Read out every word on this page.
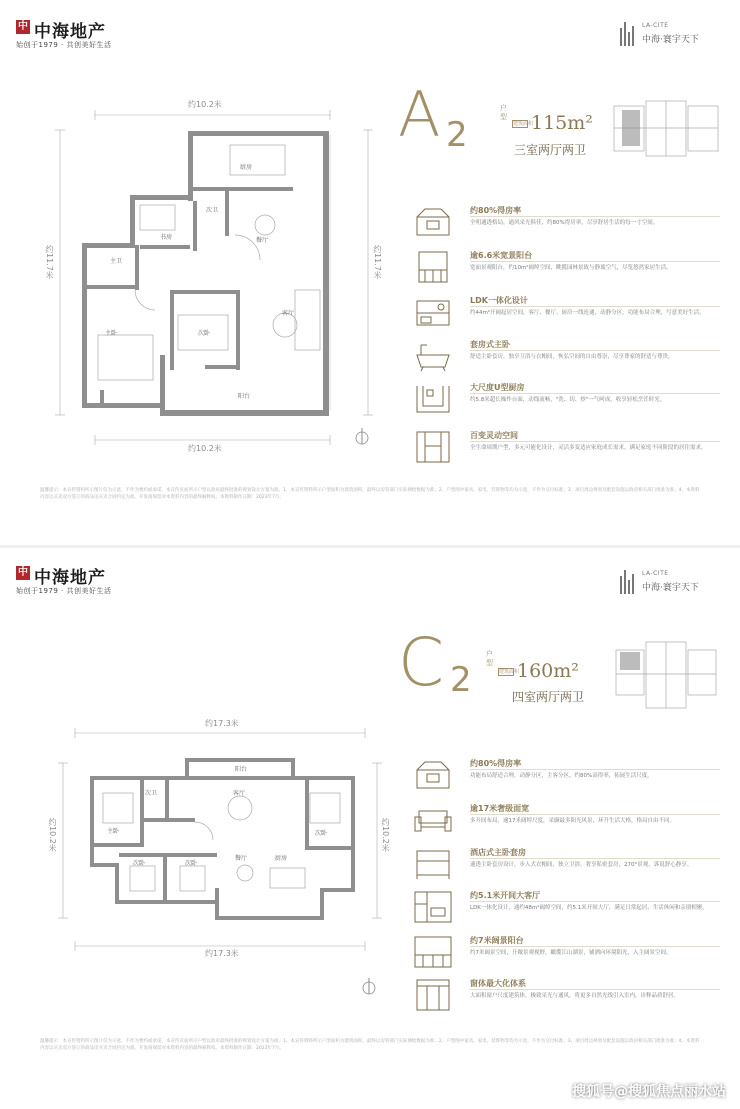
中 中海地产
始创于1979 · 共创美好生活
LA-CITE
中海·寰宇天下
约10.2米
约10.2米
约11.7米	约11.7米
厨房
次卫
书房
主卫
餐厅
主卧	次卧
客厅
阳台
A 2
户型
建筑面积115m²
三室两厅两卫
约80%得房率
全明通透格局，通风采光俱佳，约80%得房率，尽享舒居生活的每一寸空间。
逾6.6米宽景阳台
宽面景观阳台，约10m²阔绰空间，眺揽园林景致与静谧空气，尽览悠然家居生活。
LDK一体化设计
约44m²开阔起居空间，客厅、餐厅、厨房一线连通，动静分区，功能布局合理，写意美好生活。
套房式主卧
舒适主卧套房，独享卫浴与衣帽间，恢弘空间的自由尊崇，尽享尊家的舒适与尊贵。
大尺度U型厨房
约5.8米超长操作台面，动线流畅，"洗、切、炒"一气呵成，收享轻松烹饪时光。
百变灵动空间
全生命周期户型，多元可能化设计，灵活多变适应家庭成长需求，满足家庭不同阶段的居住需求。
温馨提示：本宣传资料所示图片仅为示意，不作为要约或承诺，本宣传页面所示户型以政府最终批准的规划设计方案为准。1、本宣传资料所示户型面积为建筑面积，最终以房管部门实际测绘数据为准；2、户型图中家具、家电、装饰物等均为示意，不作为交付标准；3、项目周边规划及配套设施以政府相关部门批准为准；4、本资料内容以买卖双方签订的商品房买卖合同约定为准。开发商保留对本资料内容的最终解释权。本资料制作日期：2023年7月。
中 中海地产
始创于1979 · 共创美好生活
LA-CITE
中海·寰宇天下
约17.3米
约17.3米
约10.2米	约10.2米
主卧
次卫	客厅
次卧
厨房
次卧	次卧
餐厅
阳台
C 2
户型
建筑面积160m²
四室两厅两卫
约80%得房率
功能布局舒适合理，动静分区，主客分区，约80%高得率，拓展生活尺度。
逾17米奢级面宽
多开间布局，逾17米阔绰尺度，采撷最多阳光风景，环升生活大格，格局自由不同。
酒店式主卧套房
通透主卧套房设计，步入式衣帽间，独立卫浴，奢享私密套房，270°景观，诉说舒心静享。
约5.1米开间大客厅
LDK一体化设计，通约48m²阔绰空间，约5.1米开间大厅，满足日常起居、生活休闲和亲朋相聚。
约7米阔景阳台
约7米阔景空间，开敞景观视野，瞰揽江山湖景，铺洒向环境阳光，入主阔景空间。
窗体最大化体系
大面积窗户尺度建筑体，极致采光与通风，将更多自然光线引入室内，诠释品质舒居。
温馨提示：本宣传资料所示图片仅为示意，不作为要约或承诺，本宣传页面所示户型以政府最终批准的规划设计方案为准。1、本宣传资料所示户型面积为建筑面积，最终以房管部门实际测绘数据为准；2、户型图中家具、家电、装饰物等均为示意，不作为交付标准；3、项目周边规划及配套设施以政府相关部门批准为准；4、本资料内容以买卖双方签订的商品房买卖合同约定为准。开发商保留对本资料内容的最终解释权。本资料制作日期：2023年7月。
搜狐号@搜狐焦点丽水站
